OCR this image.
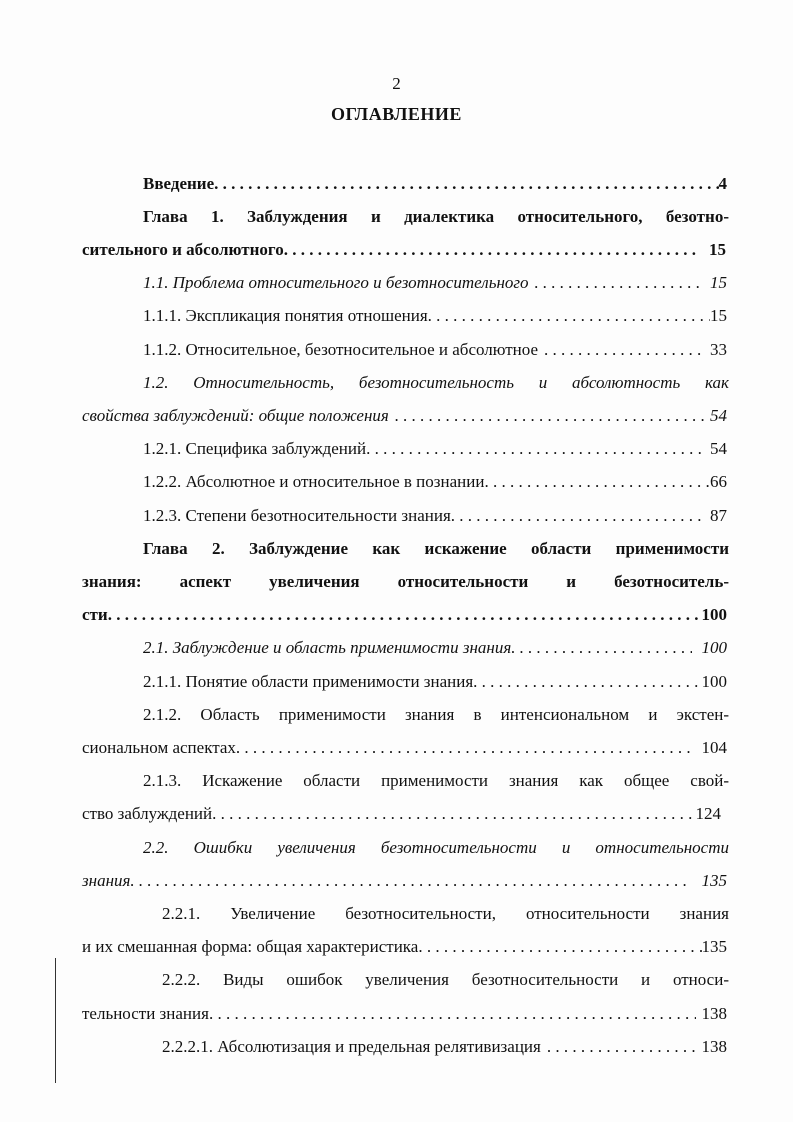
2
ОГЛАВЛЕНИЕ
Введение . . .	4
Глава 1. Заблуждения и диалектика относительного, безотно-
сительного и абсолютного . . .	15
1.1. Проблема относительного и безотносительного . . .	15
1.1.1. Экспликация понятия отношения . . .	15
1.1.2. Относительное, безотносительное и абсолютное . . .	33
1.2. Относительность, безотносительность и абсолютность как
свойства заблуждений: общие положения . . .	54
1.2.1. Специфика заблуждений . . .	54
1.2.2. Абсолютное и относительное в познании . . .	66
1.2.3. Степени безотносительности знания . . .	87
Глава 2. Заблуждение как искажение области применимости
знания: аспект увеличения относительности и безотноситель-
сти . . .	100
2.1. Заблуждение и область применимости знания . . .	100
2.1.1. Понятие области применимости знания . . .	100
2.1.2. Область применимости знания в интенсиональном и экстен-
сиональном аспектах . . .	104
2.1.3. Искажение области применимости знания как общее свой-
ство заблуждений . . .	124
2.2. Ошибки увеличения безотносительности и относительности
знания . . .	135
2.2.1. Увеличение безотносительности, относительности знания
и их смешанная форма: общая характеристика . . .	135
2.2.2. Виды ошибок увеличения безотносительности и относи-
тельности знания . . .	138
2.2.2.1. Абсолютизация и предельная релятивизация . . .	138
